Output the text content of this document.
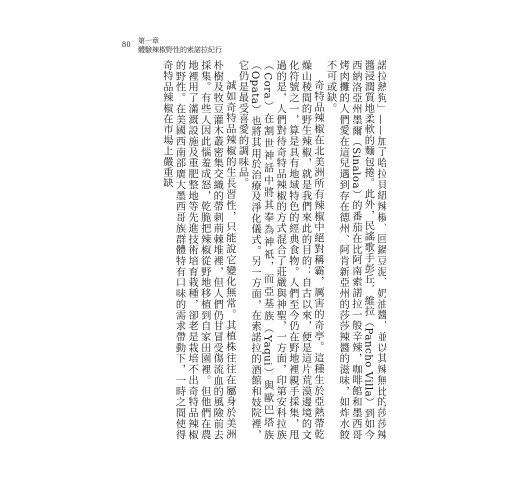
80 第一章
體驗辣椒野性的索諾拉紀行

諾拉熱狗」——加了哈拉貝紐辣椒、回鍋豆泥、奶油醬，並以其辣無比的莎莎辣醬浸潤質地柔軟的麵包捲。此外，民謠歌手彭丘．維拉（Pancho Villa）到如今西納洛亞州墨爾（Sinaloa）的番茄在比阿南索諾拉一般辛辣，咖啡館和墨西哥烤肉攤的人們愛在這兒遇到存在德州、阿肯新亞州的莎莎辣醬的滋味，如炸水餃不可或缺。

奇特品辣椒在北美洲所有辣椒中絕對稱霸，厲害的奇亭。這種生於亞熱帶乾燥山稜間的野生辣椒，就是我們來此的目的：自古以來，便是這片荒漠邊境的文化符號之一，算是具有地域特色的經典食物。人們至今仍在野地裡親手採集，甩過的是，人們對待奇特品辣椒的方式混合了莊嚴與神聖，一方面，印第安科拉族（Cora）在割世神話中將其奉為神祇，而亞基族（Yaqui）與歐巴塔族（Opata）也將其用於治療及淨化儀式。另一方面，在索諾拉的酒館和妓院裡，它仍是最受喜愛的調味品。

誠如奇特品辣椒的生長習性，只能說它變化無常。其植株往往在屬身於美洲朴樹及牧豆灌木叢密集交織的帶刺荊棘堆裡，但人們仍甘冒受傷流血的風險前去採集。有些人因此惱羞成怒，乾脆把辣椒從野地移植到自家田園裡。但他們在農地裡用了滿溉設施及重肥整地等先進技術培育栽種，卻老是栽培不出奇特品辣椒的野性。在美國西南部廣大墨西哥族群體特有口味的需求帶動下，一時之間使得奇特品辣椒在市場上嚴重缺
